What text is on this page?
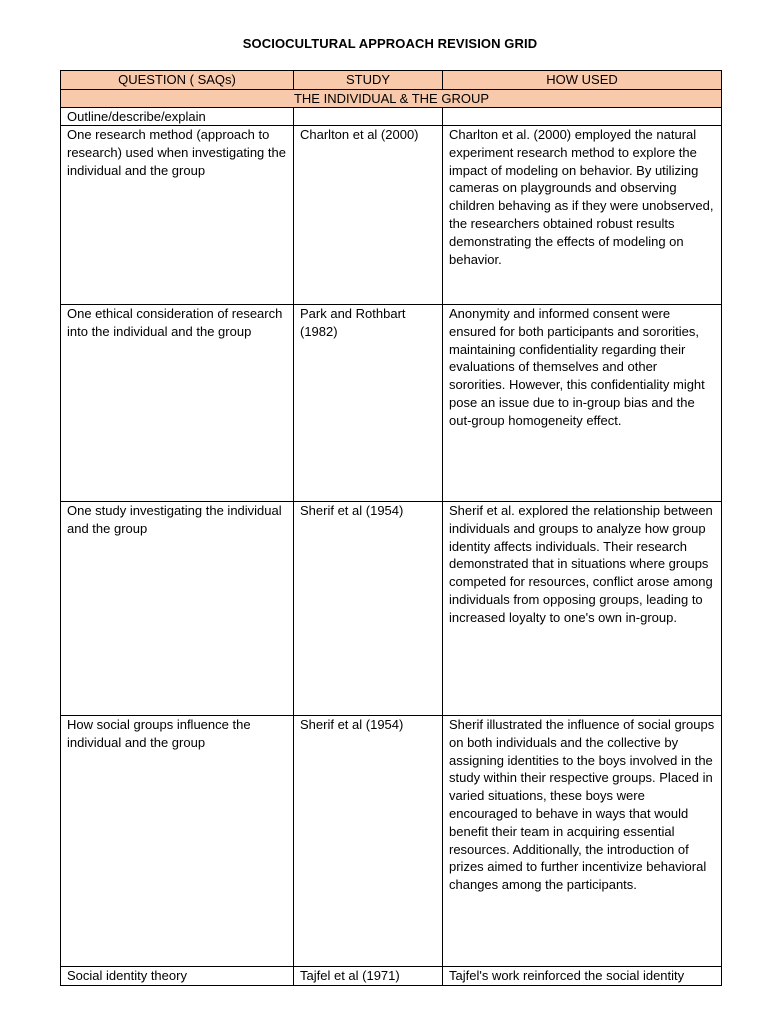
SOCIOCULTURAL APPROACH REVISION GRID
QUESTION ( SAQs)	STUDY	HOW USED
THE INDIVIDUAL & THE GROUP		
Outline/describe/explain		
One research method (approach to research) used when investigating the individual and the group	Charlton et al (2000)	Charlton et al. (2000) employed the natural experiment research method to explore the impact of modeling on behavior. By utilizing cameras on playgrounds and observing children behaving as if they were unobserved, the researchers obtained robust results demonstrating the effects of modeling on behavior.
One ethical consideration of research into the individual and the group	Park and Rothbart (1982)	Anonymity and informed consent were ensured for both participants and sororities, maintaining confidentiality regarding their evaluations of themselves and other sororities. However, this confidentiality might pose an issue due to in-group bias and the out-group homogeneity effect.
One study investigating the individual and the group	Sherif et al (1954)	Sherif et al. explored the relationship between individuals and groups to analyze how group identity affects individuals. Their research demonstrated that in situations where groups competed for resources, conflict arose among individuals from opposing groups, leading to increased loyalty to one's own in-group.
How social groups influence the individual and the group	Sherif et al (1954)	Sherif illustrated the influence of social groups on both individuals and the collective by assigning identities to the boys involved in the study within their respective groups. Placed in varied situations, these boys were encouraged to behave in ways that would benefit their team in acquiring essential resources. Additionally, the introduction of prizes aimed to further incentivize behavioral changes among the participants.
Social identity theory	Tajfel et al (1971)	Tajfel's work reinforced the social identity
